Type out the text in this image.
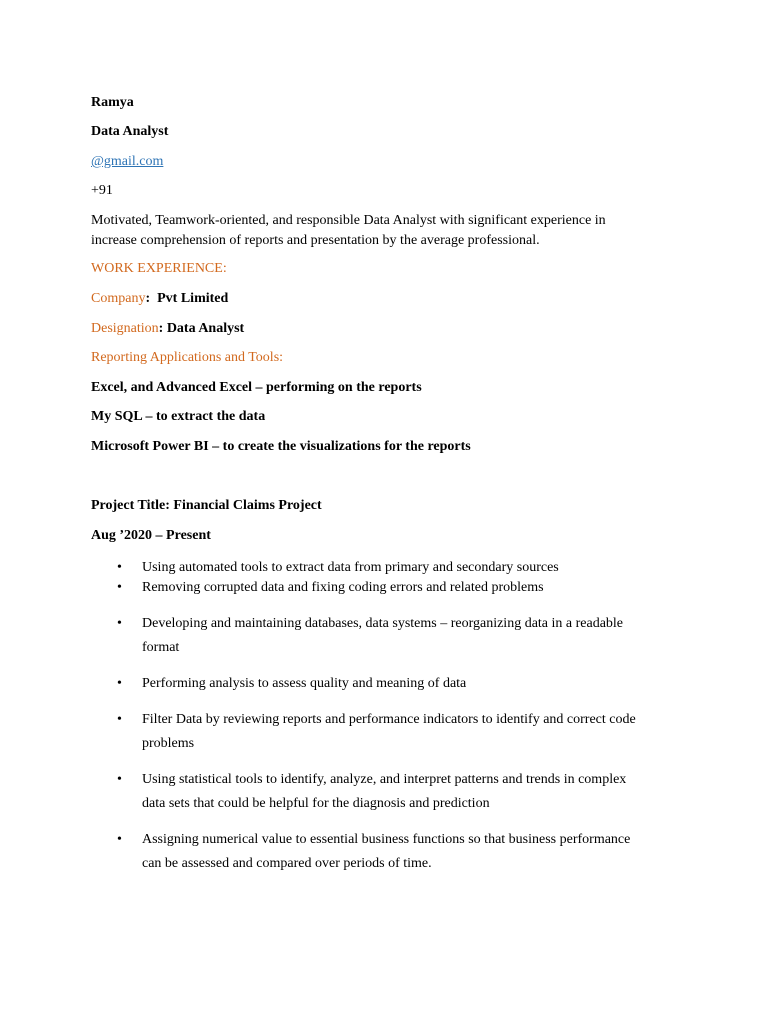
Ramya
Data Analyst
@gmail.com
+91

Motivated, Teamwork-oriented, and responsible Data Analyst with significant experience in

increase comprehension of reports and presentation by the average professional.

WORK EXPERIENCE:
Company: Pvt Limited
Designation: Data Analyst
Reporting Applications and Tools:
Excel, and Advanced Excel – performing on the reports
My SQL – to extract the data
Microsoft Power BI – to create the visualizations for the reports
Project Title: Financial Claims Project
Aug ’2020 – Present
• Using automated tools to extract data from primary and secondary sources
• Removing corrupted data and fixing coding errors and related problems
• Developing and maintaining databases, data systems – reorganizing data in a readable
format
• Performing analysis to assess quality and meaning of data
• Filter Data by reviewing reports and performance indicators to identify and correct code
problems
• Using statistical tools to identify, analyze, and interpret patterns and trends in complex
data sets that could be helpful for the diagnosis and prediction
• Assigning numerical value to essential business functions so that business performance
can be assessed and compared over periods of time.
